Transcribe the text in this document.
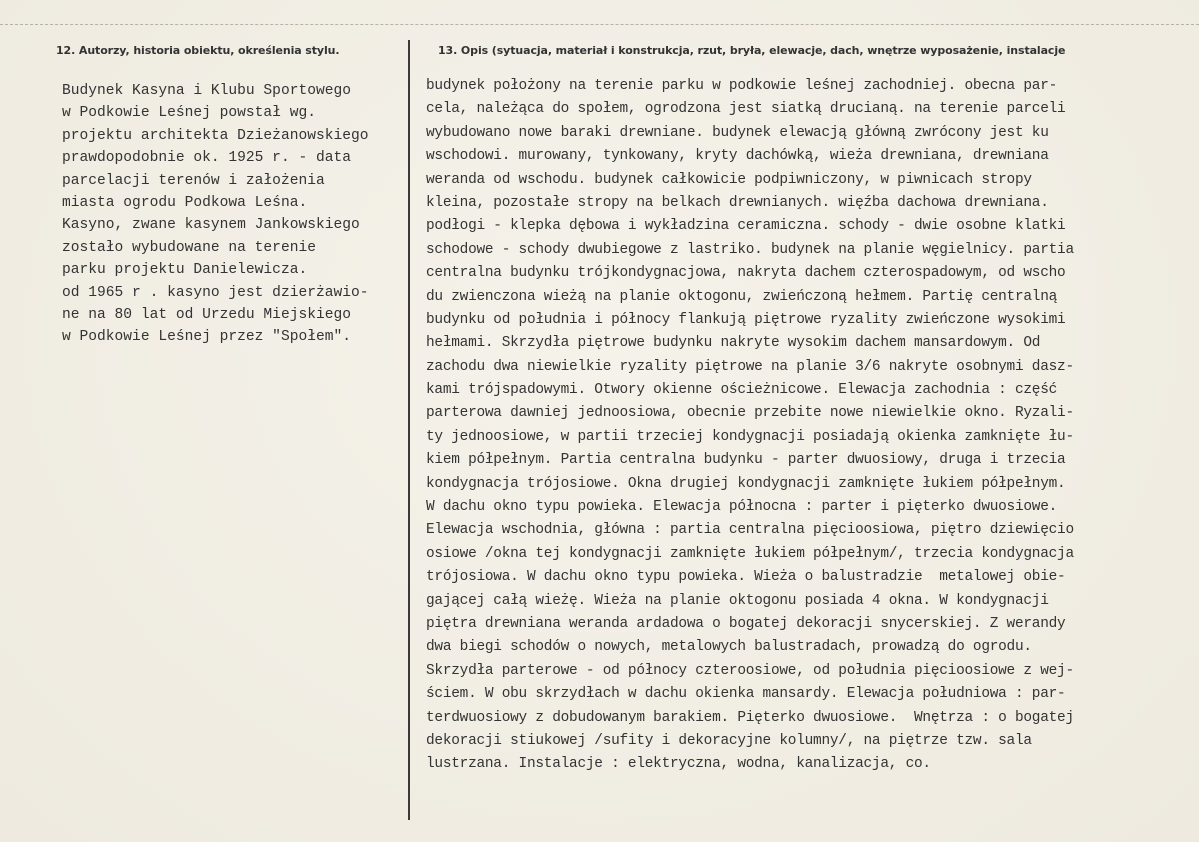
12. Autorzy, historia obiektu, określenia stylu.	13. Opis (sytuacja, materiał i konstrukcja, rzut, bryła, elewacje, dach, wnętrze wyposażenie, instalacje
Budynek Kasyna i Klubu Sportowego
w Podkowie Leśnej powstał wg.
projektu architekta Dzieżanowskiego
prawdopodobnie ok. 1925 r. - data
parcelacji terenów i założenia
miasta ogrodu Podkowa Leśna.
Kasyno, zwane kasynem Jankowskiego
zostało wybudowane na terenie
parku projektu Danielewicza.
od 1965 r . kasyno jest dzierżawio-
ne na 80 lat od Urzedu Miejskiego
w Podkowie Leśnej przez "Społem".
budynek położony na terenie parku w podkowie leśnej zachodniej. obecna par-
cela, należąca do społem, ogrodzona jest siatką drucianą. na terenie parceli
wybudowano nowe baraki drewniane. budynek elewacją główną zwrócony jest ku
wschodowi. murowany, tynkowany, kryty dachówką, wieża drewniana, drewniana
weranda od wschodu. budynek całkowicie podpiwniczony, w piwnicach stropy
kleina, pozostałe stropy na belkach drewnianych. więźba dachowa drewniana.
podłogi - klepka dębowa i wykładzina ceramiczna. schody - dwie osobne klatki
schodowe - schody dwubiegowe z lastriko. budynek na planie węgielnicy. partia
centralna budynku trójkondygnacjowa, nakryta dachem czterospadowym, od wscho
du zwienczona wieżą na planie oktogonu, zwieńczoną hełmem. Partię centralną
budynku od południa i północy flankują piętrowe ryzality zwieńczone wysokimi
hełmami. Skrzydła piętrowe budynku nakryte wysokim dachem mansardowym. Od
zachodu dwa niewielkie ryzality piętrowe na planie 3/6 nakryte osobnymi dasz-
kami trójspadowymi. Otwory okienne ościeżnicowe. Elewacja zachodnia : część
parterowa dawniej jednoosiowa, obecnie przebite nowe niewielkie okno. Ryzali-
ty jednoosiowe, w partii trzeciej kondygnacji posiadają okienka zamknięte łu-
kiem półpełnym. Partia centralna budynku - parter dwuosiowy, druga i trzecia
kondygnacja trójosiowe. Okna drugiej kondygnacji zamknięte łukiem półpełnym.
W dachu okno typu powieka. Elewacja północna : parter i pięterko dwuosiowe.
Elewacja wschodnia, główna : partia centralna pięcioosiowa, piętro dziewięcio
osiowe /okna tej kondygnacji zamknięte łukiem półpełnym/, trzecia kondygnacja
trójosiowa. W dachu okno typu powieka. Wieża o balustradzie  metalowej obie-
gającej całą wieżę. Wieża na planie oktogonu posiada 4 okna. W kondygnacji
piętra drewniana weranda ardadowa o bogatej dekoracji snycerskiej. Z werandy
dwa biegi schodów o nowych, metalowych balustradach, prowadzą do ogrodu.
Skrzydła parterowe - od północy czteroosiowe, od południa pięcioosiowe z wej-
ściem. W obu skrzydłach w dachu okienka mansardy. Elewacja południowa : par-
terdwuosiowy z dobudowanym barakiem. Pięterko dwuosiowe.  Wnętrza : o bogatej
dekoracji stiukowej /sufity i dekoracyjne kolumny/, na piętrze tzw. sala
lustrzana. Instalacje : elektryczna, wodna, kanalizacja, co.
